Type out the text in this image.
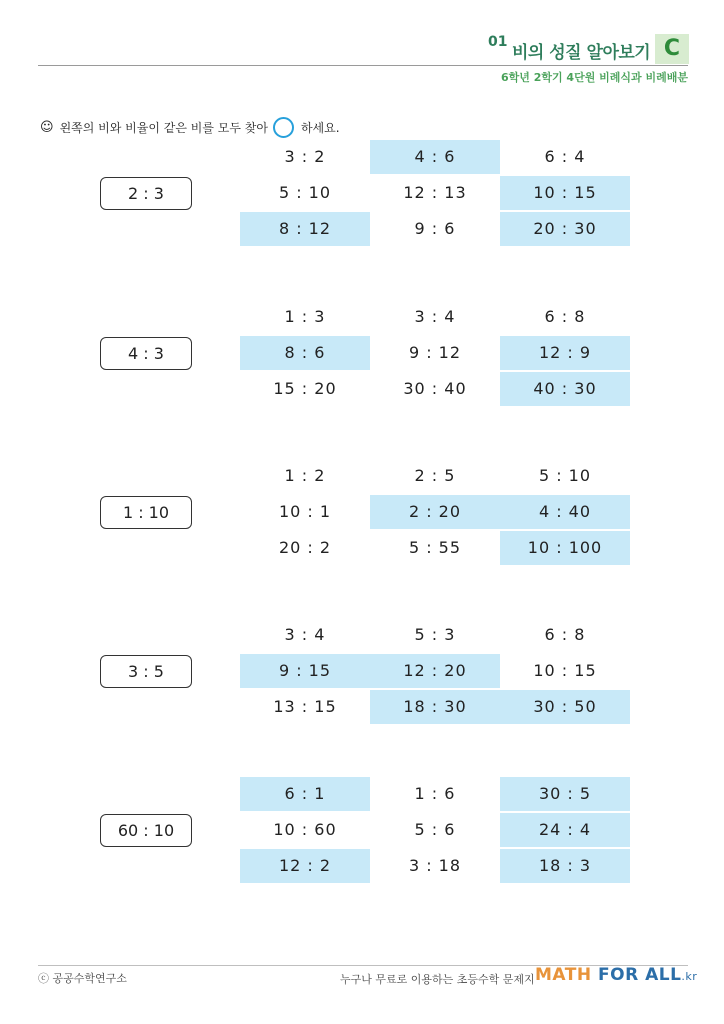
01
비의 성질 알아보기 C
6학년 2학기 4단원 비례식과 비례배분
☺ 왼쪽의 비와 비율이 같은 비를 모두 찾아	하세요.
2 : 3
3 : 2	4 : 6	6 : 4
5 : 10	12 : 13	10 : 15
8 : 12	9 : 6	20 : 30
4 : 3
1 : 3	3 : 4	6 : 8
8 : 6	9 : 12	12 : 9
15 : 20	30 : 40	40 : 30
1 : 10
1 : 2	2 : 5	5 : 10
10 : 1	2 : 20	4 : 40
20 : 2	5 : 55	10 : 100
3 : 5
3 : 4	5 : 3	6 : 8
9 : 15	12 : 20	10 : 15
13 : 15	18 : 30	30 : 50
60 : 10
6 : 1	1 : 6	30 : 5
10 : 60	5 : 6	24 : 4
12 : 2	3 : 18	18 : 3
ⓒ 공공수학연구소	누구나 무료로 이용하는 초등수학 문제지 MATH FOR ALL.kr
